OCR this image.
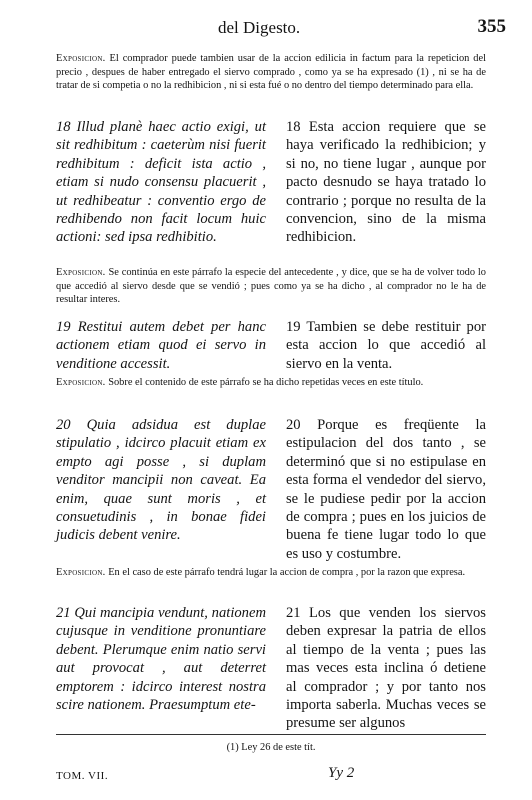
del Digesto.	355
Exposicion. El comprador puede tambien usar de la accion edilicia in factum para la repeticion del precio , despues de haber entregado el siervo comprado , como ya se ha expresado (1) , ni se ha de tratar de si competia o no la redhibicion , ni si esta fué o no dentro del tiempo determinado para ella.
18 Illud planè haec actio exigi, ut sit redhibitum : caeterùm nisi fuerit redhibitum : deficit ista actio , etiam si nudo consensu placuerit , ut redhibeatur : conventio ergo de redhibendo non facit locum huic actioni: sed ipsa redhibitio.
18 Esta accion requiere que se haya verificado la redhibicion; y si no, no tiene lugar , aunque por pacto desnudo se haya tratado lo contrario ; porque no resulta de la convencion, sino de la misma redhibicion.
Exposicion. Se continúa en este párrafo la especie del antecedente , y dice, que se ha de volver todo lo que accedió al siervo desde que se vendió ; pues como ya se ha dicho , al comprador no le ha de resultar interes.
19 Restitui autem debet per hanc actionem etiam quod ei servo in venditione accessit.
19 Tambien se debe restituir por esta accion lo que accedió al siervo en la venta.
Exposicion. Sobre el contenido de este párrafo se ha dicho repetidas veces en este título.
20 Quia adsidua est duplae stipulatio , idcirco placuit etiam ex empto agi posse , si duplam venditor mancipii non caveat. Ea enim, quae sunt moris , et consuetudinis , in bonae fidei judicis debent venire.
20 Porque es freqüente la estipulacion del dos tanto , se determinó que si no estipulase en esta forma el vendedor del siervo, se le pudiese pedir por la accion de compra ; pues en los juicios de buena fe tiene lugar todo lo que es uso y costumbre.
Exposicion. En el caso de este párrafo tendrá lugar la accion de compra , por la razon que expresa.
21 Qui mancipia vendunt, nationem cujusque in venditione pronuntiare debent. Plerumque enim natio servi aut provocat , aut deterret emptorem : idcirco interest nostra scire nationem. Praesumptum ete-
21 Los que venden los siervos deben expresar la patria de ellos al tiempo de la venta ; pues las mas veces esta inclina ó detiene al comprador ; y por tanto nos importa saberla. Muchas veces se presume ser algunos
(1) Ley 26 de este tít.
TOM. VII.	Yy 2
